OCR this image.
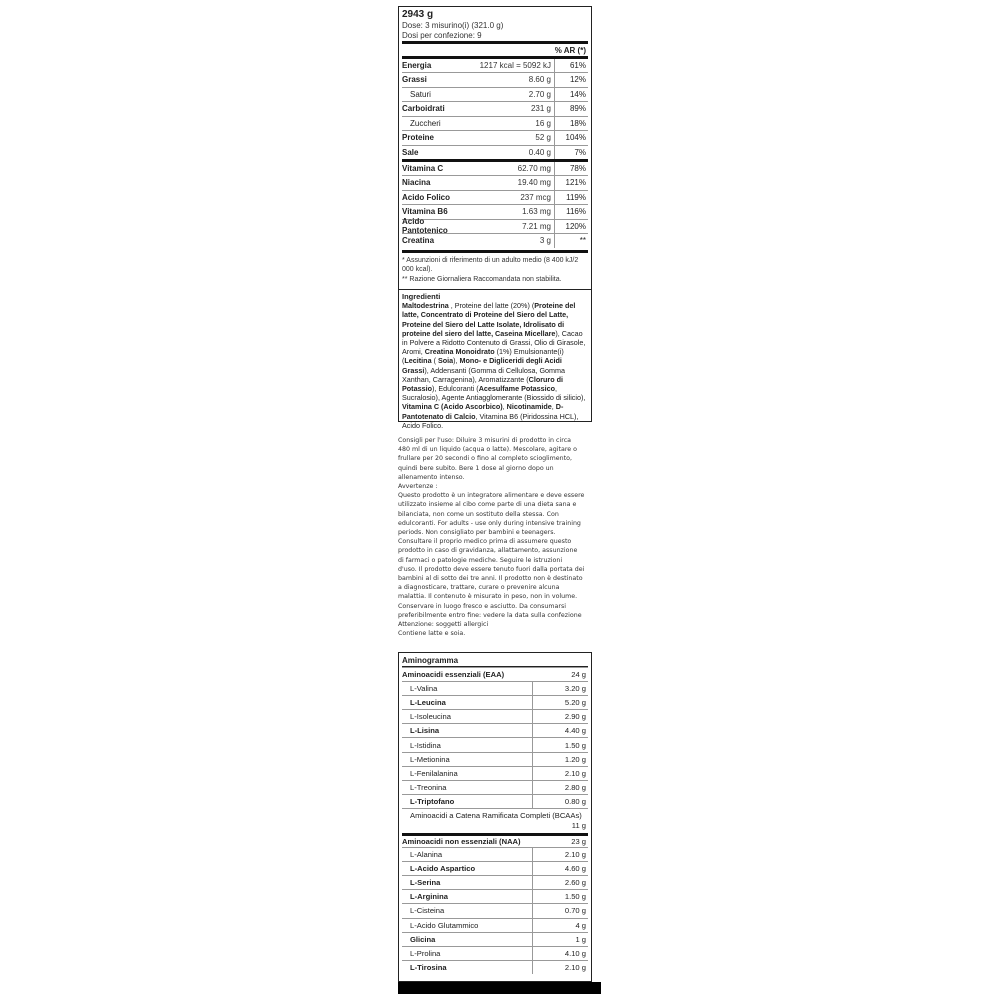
2943 g
Dose: 3 misurino(i) (321.0 g)
Dosi per confezione: 9
% AR (*)
Energia	1217 kcal = 5092 kJ	61%
Grassi	8.60 g	12%
Saturi	2.70 g	14%
Carboidrati	231 g	89%
Zuccheri	16 g	18%
Proteine	52 g	104%
Sale	0.40 g	7%
Vitamina C	62.70 mg	78%
Niacina	19.40 mg	121%
Acido Folico	237 mcg	119%
Vitamina B6	1.63 mg	116%
Acido Pantotenico	7.21 mg	120%
Creatina	3 g	**
* Assunzioni di riferimento di un adulto medio (8 400 kJ/2 000 kcal).
** Razione Giornaliera Raccomandata non stabilita.
Ingredienti
Maltodestrina , Proteine del latte (20%) (Proteine del latte, Concentrato di Proteine del Siero del Latte, Proteine del Siero del Latte Isolate, Idrolisato di proteine del siero del latte, Caseina Micellare), Cacao in Polvere a Ridotto Contenuto di Grassi, Olio di Girasole, Aromi, Creatina Monoidrato (1%) Emulsionante(i) (Lecitina ( Soia), Mono- e Digliceridi degli Acidi Grassi), Addensanti (Gomma di Cellulosa, Gomma Xanthan, Carragenina), Aromatizzante (Cloruro di Potassio), Edulcoranti (Acesulfame Potassico, Sucralosio), Agente Antiagglomerante (Biossido di silicio), Vitamina C (Acido Ascorbico), Nicotinamide, D-Pantotenato di Calcio, Vitamina B6 (Piridossina HCL), Acido Folico.
Consigli per l'uso: Diluire 3 misurini di prodotto in circa
480 ml di un liquido (acqua o latte). Mescolare, agitare o
frullare per 20 secondi o fino al completo scioglimento,
quindi bere subito. Bere 1 dose al giorno dopo un
allenamento intenso.
Avvertenze :
Questo prodotto è un integratore alimentare e deve essere
utilizzato insieme al cibo come parte di una dieta sana e
bilanciata, non come un sostituto della stessa. Con
edulcoranti. For adults - use only during intensive training
periods. Non consigliato per bambini e teenagers.
Consultare il proprio medico prima di assumere questo
prodotto in caso di gravidanza, allattamento, assunzione
di farmaci o patologie mediche. Seguire le istruzioni
d'uso. Il prodotto deve essere tenuto fuori dalla portata dei
bambini al di sotto dei tre anni. Il prodotto non è destinato
a diagnosticare, trattare, curare o prevenire alcuna
malattia. Il contenuto è misurato in peso, non in volume.
Conservare in luogo fresco e asciutto. Da consumarsi
preferibilmente entro fine: vedere la data sulla confezione
Attenzione: soggetti allergici
Contiene latte e soia.
Aminogramma
Aminoacidi essenziali (EAA)	24 g
L-Valina	3.20 g
L-Leucina	5.20 g
L-Isoleucina	2.90 g
L-Lisina	4.40 g
L-Istidina	1.50 g
L-Metionina	1.20 g
L-Fenilalanina	2.10 g
L-Treonina	2.80 g
L-Triptofano	0.80 g
Aminoacidi a Catena Ramificata Completi (BCAAs)
11 g
Aminoacidi non essenziali (NAA)	23 g
L-Alanina	2.10 g
L-Acido Aspartico	4.60 g
L-Serina	2.60 g
L-Arginina	1.50 g
L-Cisteina	0.70 g
L-Acido Glutammico	4 g
Glicina	1 g
L-Prolina	4.10 g
L-Tirosina	2.10 g
